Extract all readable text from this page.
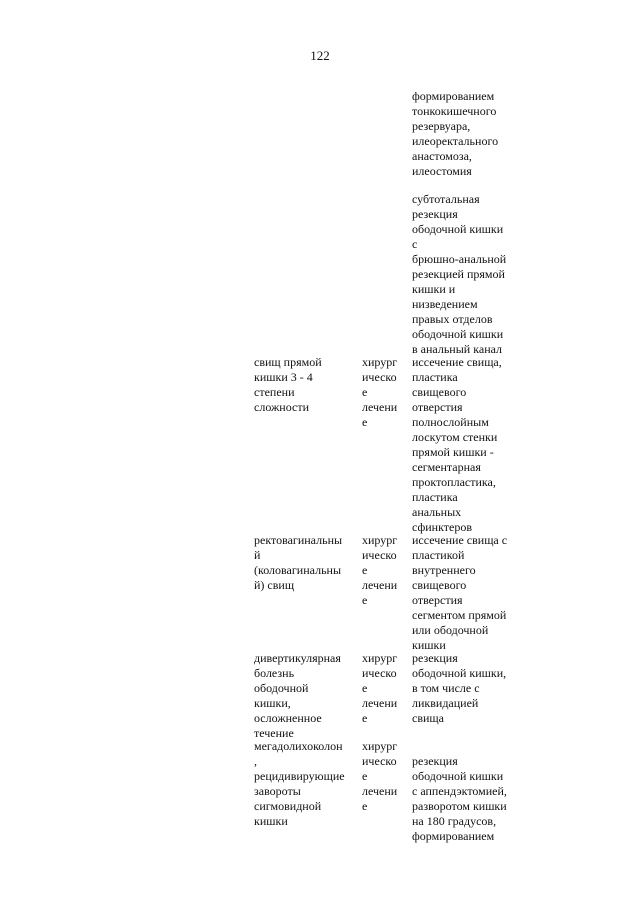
122
формированием
тонкокишечного
резервуара,
илеоректального
анастомоза,
илеостомия
субтотальная
резекция
ободочной кишки
с
брюшно-анальной
резекцией прямой
кишки и
низведением
правых отделов
ободочной кишки
в анальный канал
свищ прямой
кишки 3 - 4
степени
сложности
хирург
ическо
е
лечени
е
иссечение свища,
пластика
свищевого
отверстия
полнослойным
лоскутом стенки
прямой кишки -
сегментарная
проктопластика,
пластика
анальных
сфинктеров
ректовагинальны
й
(коловагинальны
й) свищ
хирург
ическо
е
лечени
е
иссечение свища с
пластикой
внутреннего
свищевого
отверстия
сегментом прямой
или ободочной
кишки
дивертикулярная
болезнь
ободочной
кишки,
осложненное
течение
хирург
ическо
е
лечени
е
резекция
ободочной кишки,
в том числе с
ликвидацией
свища
мегадолихоколон
,
рецидивирующие
завороты
сигмовидной
кишки
хирург
ическо
е
лечени
е

резекция
ободочной кишки
с аппендэктомией,
разворотом кишки
на 180 градусов,
формированием
